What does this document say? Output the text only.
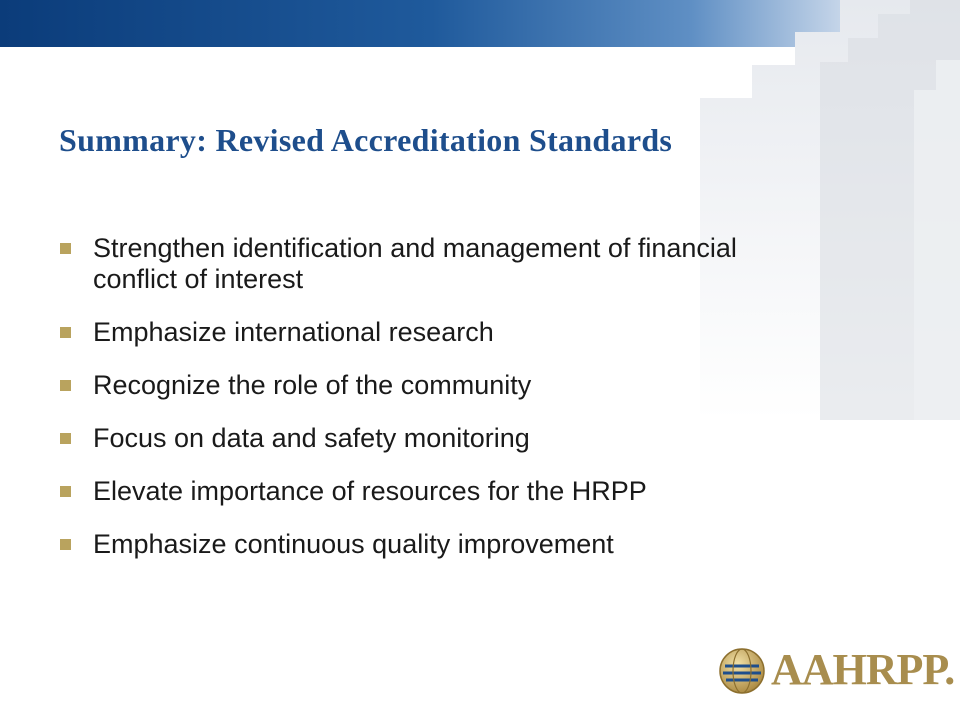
Summary: Revised Accreditation Standards
Strengthen identification and management of financial conflict of interest
Emphasize international research
Recognize the role of the community
Focus on data and safety monitoring
Elevate importance of resources for the HRPP
Emphasize continuous quality improvement
AAHRPP.
